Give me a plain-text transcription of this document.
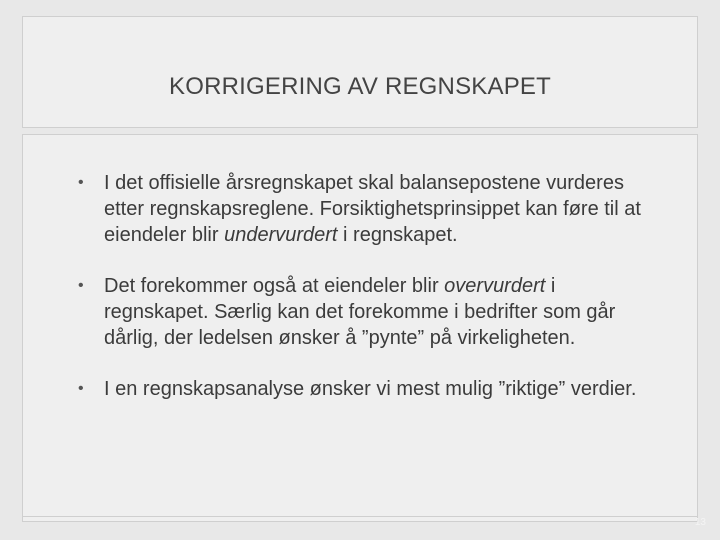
KORRIGERING AV REGNSKAPET
• I det offisielle årsregnskapet skal balansepostene vurderes etter regnskapsreglene. Forsiktighetsprinsippet kan føre til at eiendeler blir undervurdert i regnskapet.
• Det forekommer også at eiendeler blir overvurdert i regnskapet. Særlig kan det forekomme i bedrifter som går dårlig, der ledelsen ønsker å ”pynte” på virkeligheten.
• I en regnskapsanalyse ønsker vi mest mulig ”riktige” verdier.
13
